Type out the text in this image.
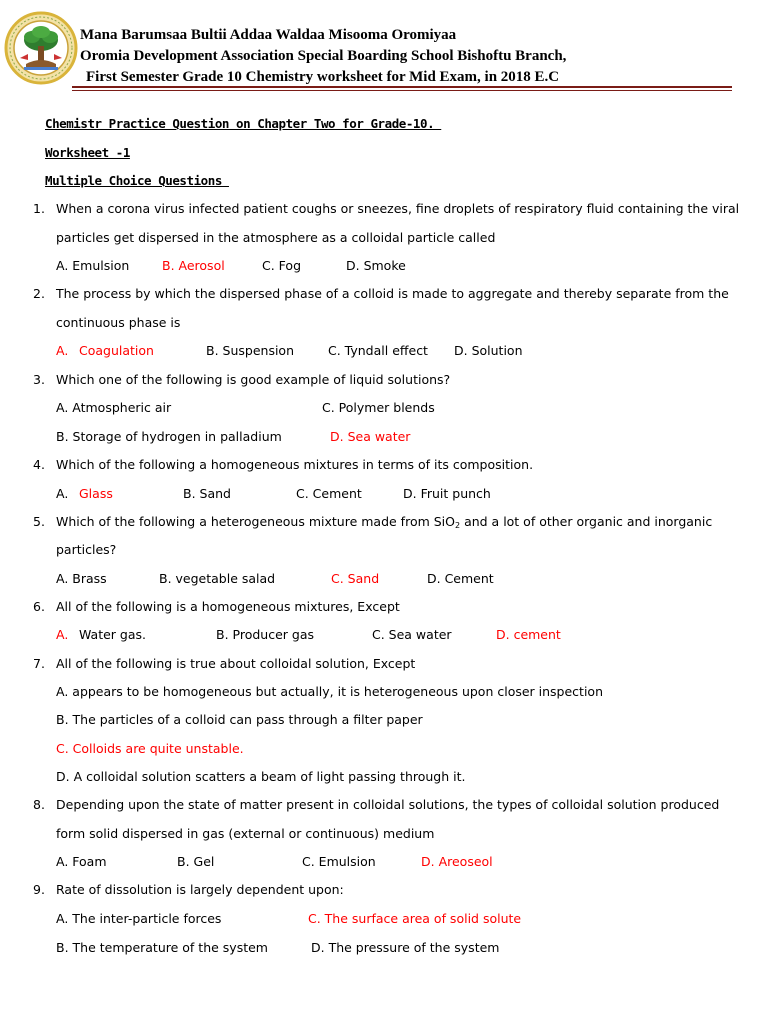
Mana Barumsaa Bultii Addaa Waldaa Misooma Oromiyaa
Oromia Development Association Special Boarding School Bishoftu Branch,
First Semester Grade 10 Chemistry worksheet for Mid Exam, in 2018 E.C
Chemistr Practice Question on Chapter Two for Grade-10.
Worksheet -1
Multiple Choice Questions
1. When a corona virus infected patient coughs or sneezes, fine droplets of respiratory fluid containing the viral
particles get dispersed in the atmosphere as a colloidal particle called
A. Emulsion	B. Aerosol	C. Fog	D. Smoke
2. The process by which the dispersed phase of a colloid is made to aggregate and thereby separate from the
continuous phase is
A. Coagulation	B. Suspension	C. Tyndall effect D. Solution
3. Which one of the following is good example of liquid solutions?
A. Atmospheric air	C. Polymer blends
B. Storage of hydrogen in palladium	D. Sea water
4. Which of the following a homogeneous mixtures in terms of its composition.
A. Glass	B. Sand	C. Cement	D. Fruit punch
5. Which of the following a heterogeneous mixture made from SiO$_2$ and a lot of other organic and inorganic
particles?
A. Brass	B. vegetable salad	C. Sand	D. Cement
6. All of the following is a homogeneous mixtures, Except
A. Water gas.	B. Producer gas	C. Sea water	D. cement
7. All of the following is true about colloidal solution, Except
A. appears to be homogeneous but actually, it is heterogeneous upon closer inspection
B. The particles of a colloid can pass through a filter paper
C. Colloids are quite unstable.
D. A colloidal solution scatters a beam of light passing through it.
8. Depending upon the state of matter present in colloidal solutions, the types of colloidal solution produced
form solid dispersed in gas (external or continuous) medium
A. Foam	B. Gel	C. Emulsion	D. Areoseol
9. Rate of dissolution is largely dependent upon:
A. The inter-particle forces	C. The surface area of solid solute
B. The temperature of the system	D. The pressure of the system
